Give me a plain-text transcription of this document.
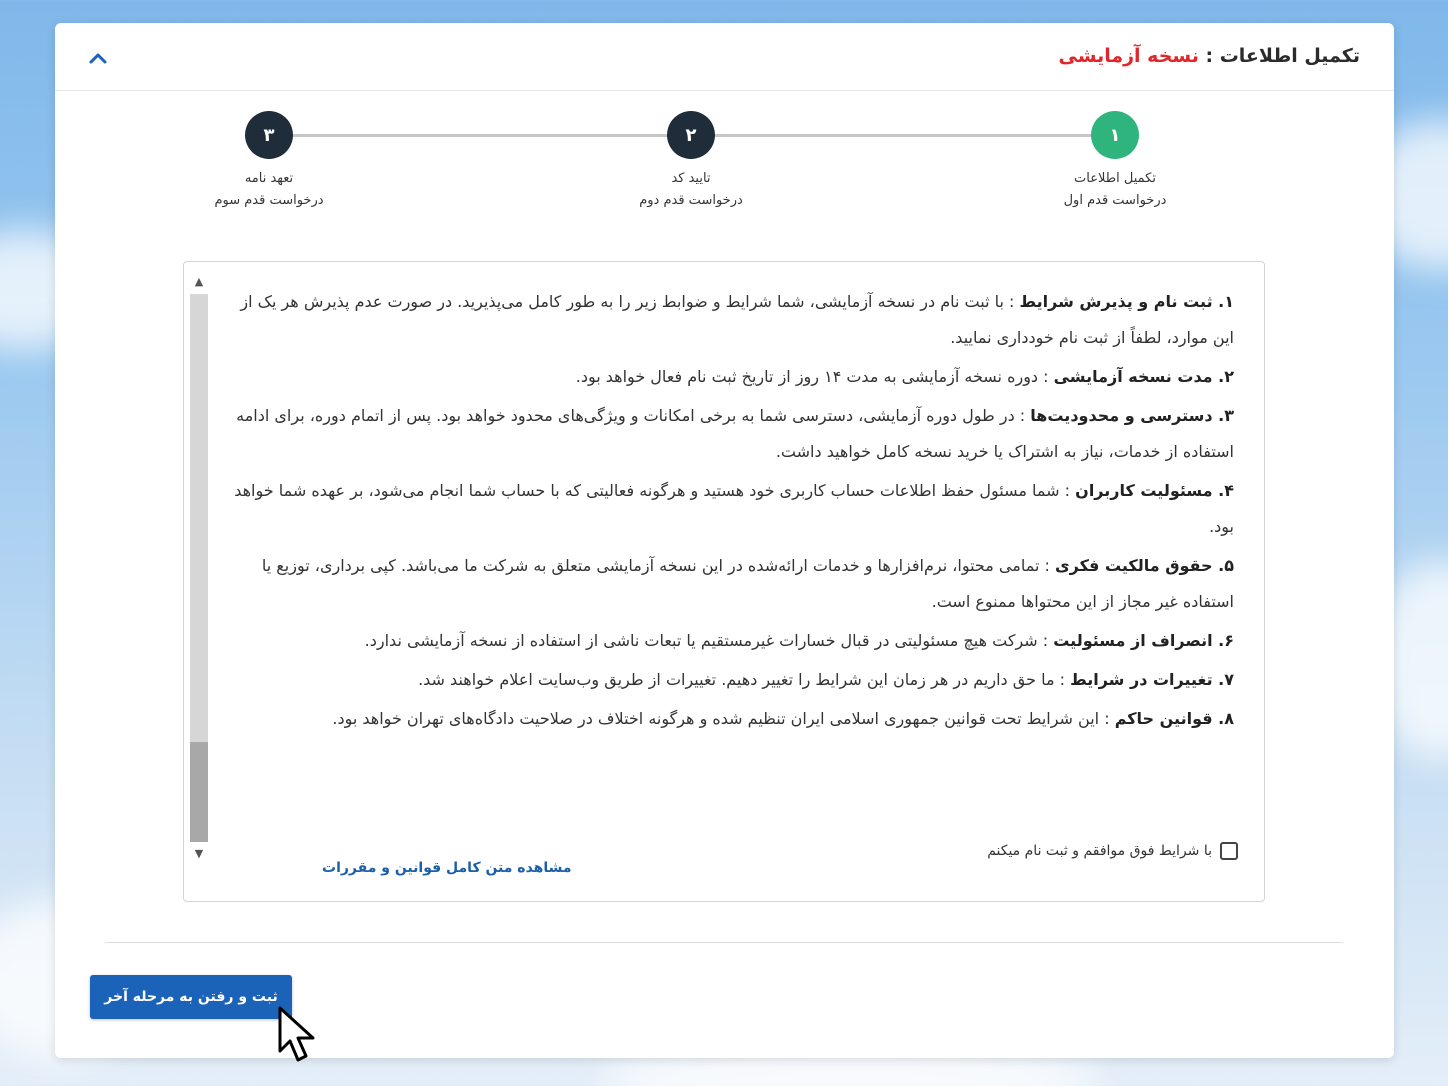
تکمیل اطلاعات : نسخه آزمایشی
۱
تکمیل اطلاعات
درخواست قدم اول
۲
تایید کد
درخواست قدم دوم
۳
تعهد نامه
درخواست قدم سوم
▲
▼
۱. ثبت نام و پذیرش شرایط : با ثبت نام در نسخه آزمایشی، شما شرایط و ضوابط زیر را به طور کامل می‌پذیرید. در صورت عدم پذیرش هر یک از این موارد، لطفاً از ثبت نام خودداری نمایید.
۲. مدت نسخه آزمایشی : دوره نسخه آزمایشی به مدت ۱۴ روز از تاریخ ثبت نام فعال خواهد بود.
۳. دسترسی و محدودیت‌ها : در طول دوره آزمایشی، دسترسی شما به برخی امکانات و ویژگی‌های محدود خواهد بود. پس از اتمام دوره، برای ادامه استفاده از خدمات، نیاز به اشتراک یا خرید نسخه کامل خواهید داشت.
۴. مسئولیت کاربران : شما مسئول حفظ اطلاعات حساب کاربری خود هستید و هرگونه فعالیتی که با حساب شما انجام می‌شود، بر عهده شما خواهد بود.
۵. حقوق مالکیت فکری : تمامی محتوا، نرم‌افزارها و خدمات ارائه‌شده در این نسخه آزمایشی متعلق به شرکت ما می‌باشد. کپی برداری، توزیع یا استفاده غیر مجاز از این محتواها ممنوع است.
۶. انصراف از مسئولیت : شرکت هیچ مسئولیتی در قبال خسارات غیرمستقیم یا تبعات ناشی از استفاده از نسخه آزمایشی ندارد.
۷. تغییرات در شرایط : ما حق داریم در هر زمان این شرایط را تغییر دهیم. تغییرات از طریق وب‌سایت اعلام خواهند شد.
۸. قوانین حاکم : این شرایط تحت قوانین جمهوری اسلامی ایران تنظیم شده و هرگونه اختلاف در صلاحیت دادگاه‌های تهران خواهد بود.
با شرایط فوق موافقم و ثبت نام میکنم
مشاهده متن کامل قوانین و مقررات
ثبت و رفتن به مرحله آخر
